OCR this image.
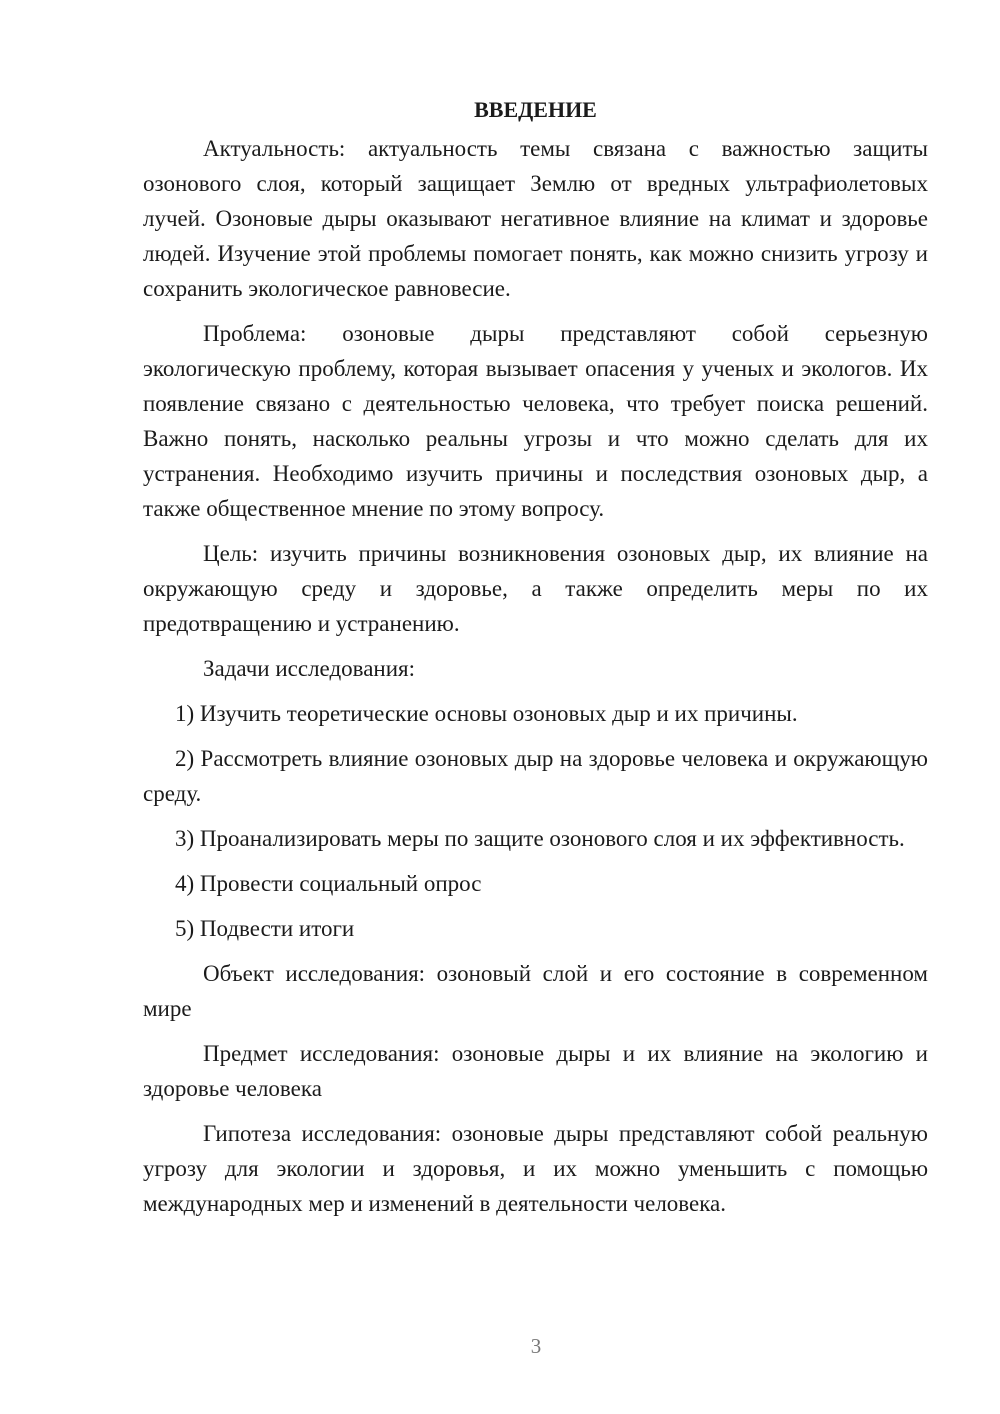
ВВЕДЕНИЕ

Актуальность: актуальность темы связана с важностью защиты озонового слоя, который защищает Землю от вредных ультрафиолетовых лучей. Озоновые дыры оказывают негативное влияние на климат и здоровье людей. Изучение этой проблемы помогает понять, как можно снизить угрозу и сохранить экологическое равновесие.

Проблема: озоновые дыры представляют собой серьезную экологическую проблему, которая вызывает опасения у ученых и экологов. Их появление связано с деятельностью человека, что требует поиска решений. Важно понять, насколько реальны угрозы и что можно сделать для их устранения. Необходимо изучить причины и последствия озоновых дыр, а также общественное мнение по этому вопросу.

Цель: изучить причины возникновения озоновых дыр, их влияние на окружающую среду и здоровье, а также определить меры по их предотвращению и устранению.

Задачи исследования:

1) Изучить теоретические основы озоновых дыр и их причины.

2) Рассмотреть влияние озоновых дыр на здоровье человека и окружающую среду.

3) Проанализировать меры по защите озонового слоя и их эффективность.

4) Провести социальный опрос

5) Подвести итоги

Объект исследования: озоновый слой и его состояние в современном мире

Предмет исследования: озоновые дыры и их влияние на экологию и здоровье человека

Гипотеза исследования: озоновые дыры представляют собой реальную угрозу для экологии и здоровья, и их можно уменьшить с помощью международных мер и изменений в деятельности человека.

3
